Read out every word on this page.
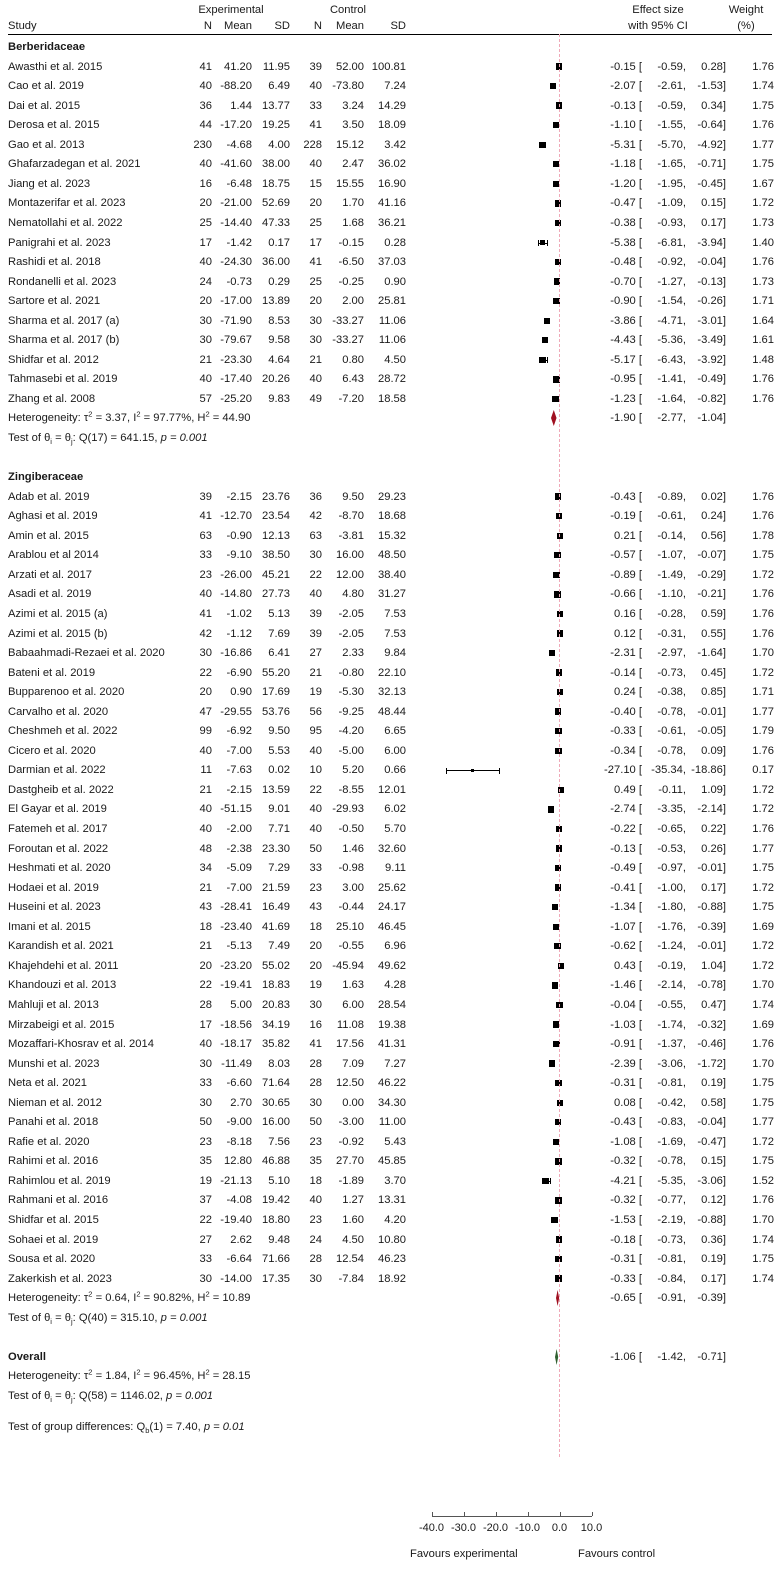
Experimental	Control	Effect size	Weight
Study	N	Mean	SD	N	Mean	SD	with 95% CI	(%)
Berberidaceae
Awasthi et al. 2015	41	41.20 11.95	39	52.00 100.81	-0.15 [	-0.59,	0.28]	1.76
Cao et al. 2019	40 -88.20	6.49	40 -73.80	7.24	-2.07 [	-2.61,	-1.53]	1.74
Dai et al. 2015	36	1.44 13.77	33	3.24	14.29	-0.13 [	-0.59,	0.34]	1.75
Derosa et al. 2015	44 -17.20 19.25	41	3.50	18.09	-1.10 [	-1.55,	-0.64]	1.76
Gao et al. 2013	230	-4.68	4.00	228	15.12	3.42	-5.31 [	-5.70,	-4.92]	1.77
Ghafarzadegan et al. 2021	40 -41.60 38.00	40	2.47	36.02	-1.18 [	-1.65,	-0.71]	1.75
Jiang et al. 2023	16	-6.48 18.75	15	15.55	16.90	-1.20 [	-1.95,	-0.45]	1.67
Montazerifar et al. 2023	20 -21.00 52.69	20	1.70	41.16	-0.47 [	-1.09,	0.15]	1.72
Nematollahi et al. 2022	25 -14.40 47.33	25	1.68	36.21	-0.38 [	-0.93,	0.17]	1.73
Panigrahi et al. 2023	17	-1.42	0.17	17	-0.15	0.28	-5.38 [	-6.81,	-3.94]	1.40
Rashidi et al. 2018	40 -24.30 36.00	41	-6.50	37.03	-0.48 [	-0.92,	-0.04]	1.76
Rondanelli et al. 2023	24	-0.73	0.29	25	-0.25	0.90	-0.70 [	-1.27,	-0.13]	1.73
Sartore et al. 2021	20 -17.00 13.89	20	2.00	25.81	-0.90 [	-1.54,	-0.26]	1.71
Sharma et al. 2017 (a)	30 -71.90	8.53	30 -33.27	11.06	-3.86 [	-4.71,	-3.01]	1.64
Sharma et al. 2017 (b)	30 -79.67	9.58	30 -33.27	11.06	-4.43 [	-5.36,	-3.49]	1.61
Shidfar et al. 2012	21 -23.30	4.64	21	0.80	4.50	-5.17 [	-6.43,	-3.92]	1.48
Tahmasebi et al. 2019	40 -17.40 20.26	40	6.43	28.72	-0.95 [	-1.41,	-0.49]	1.76
Zhang et al. 2008	57 -25.20	9.83	49	-7.20	18.58	-1.23 [	-1.64,	-0.82]	1.76
Heterogeneity: $\tau^2 = 3.37$, $I^2 = 97.77\%$, $H^2 = 44.90$	-1.90 [	-2.77,	-1.04]
Test of $\theta_i = \theta_j$: Q(17) = 641.15, p = 0.001
Zingiberaceae
Adab et al. 2019	39	-2.15 23.76	36	9.50	29.23	-0.43 [	-0.89,	0.02]	1.76
Aghasi et al. 2019	41 -12.70 23.54	42	-8.70	18.68	-0.19 [	-0.61,	0.24]	1.76
Amin et al. 2015	63	-0.90 12.13	63	-3.81	15.32	0.21 [	-0.14,	0.56]	1.78
Arablou et al 2014	33	-9.10 38.50	30	16.00	48.50	-0.57 [	-1.07,	-0.07]	1.75
Arzati et al. 2017	23 -26.00 45.21	22	12.00	38.40	-0.89 [	-1.49,	-0.29]	1.72
Asadi et al. 2019	40 -14.80 27.73	40	4.80	31.27	-0.66 [	-1.10,	-0.21]	1.76
Azimi et al. 2015 (a)	41	-1.02	5.13	39	-2.05	7.53	0.16 [	-0.28,	0.59]	1.76
Azimi et al. 2015 (b)	42	-1.12	7.69	39	-2.05	7.53	0.12 [	-0.31,	0.55]	1.76
Babaahmadi-Rezaei et al. 2020	30 -16.86	6.41	27	2.33	9.84	-2.31 [	-2.97,	-1.64]	1.70
Bateni et al. 2019	22	-6.90 55.20	21	-0.80	22.10	-0.14 [	-0.73,	0.45]	1.72
Bupparenoo et al. 2020	20	0.90 17.69	19	-5.30	32.13	0.24 [	-0.38,	0.85]	1.71
Carvalho et al. 2020	47 -29.55 53.76	56	-9.25	48.44	-0.40 [	-0.78,	-0.01]	1.77
Cheshmeh et al. 2022	99	-6.92	9.50	95	-4.20	6.65	-0.33 [	-0.61,	-0.05]	1.79
Cicero et al. 2020	40	-7.00	5.53	40	-5.00	6.00	-0.34 [	-0.78,	0.09]	1.76
Darmian et al. 2022	11	-7.63	0.02	10	5.20	0.66	-27.10 [ -35.34, -18.86]	0.17
Dastgheib et al. 2022	21	-2.15 13.59	22	-8.55	12.01	0.49 [	-0.11,	1.09]	1.72
El Gayar et al. 2019	40 -51.15	9.01	40 -29.93	6.02	-2.74 [	-3.35,	-2.14]	1.72
Fatemeh et al. 2017	40	-2.00	7.71	40	-0.50	5.70	-0.22 [	-0.65,	0.22]	1.76
Foroutan et al. 2022	48	-2.38 23.30	50	1.46	32.60	-0.13 [	-0.53,	0.26]	1.77
Heshmati et al. 2020	34	-5.09	7.29	33	-0.98	9.11	-0.49 [	-0.97,	-0.01]	1.75
Hodaei et al. 2019	21	-7.00 21.59	23	3.00	25.62	-0.41 [	-1.00,	0.17]	1.72
Huseini et al. 2023	43 -28.41 16.49	43	-0.44	24.17	-1.34 [	-1.80,	-0.88]	1.75
Imani et al. 2015	18 -23.40 41.69	18	25.10	46.45	-1.07 [	-1.76,	-0.39]	1.69
Karandish et al. 2021	21	-5.13	7.49	20	-0.55	6.96	-0.62 [	-1.24,	-0.01]	1.72
Khajehdehi et al. 2011	20 -23.20 55.02	20 -45.94	49.62	0.43 [	-0.19,	1.04]	1.72
Khandouzi et al. 2013	22 -19.41 18.83	19	1.63	4.28	-1.46 [	-2.14,	-0.78]	1.70
Mahluji et al. 2013	28	5.00 20.83	30	6.00	28.54	-0.04 [	-0.55,	0.47]	1.74
Mirzabeigi et al. 2015	17 -18.56 34.19	16	11.08	19.38	-1.03 [	-1.74,	-0.32]	1.69
Mozaffari-Khosrav et al. 2014	40 -18.17 35.82	41	17.56	41.31	-0.91 [	-1.37,	-0.46]	1.76
Munshi et al. 2023	30 -11.49	8.03	28	7.09	7.27	-2.39 [	-3.06,	-1.72]	1.70
Neta et al. 2021	33	-6.60 71.64	28	12.50	46.22	-0.31 [	-0.81,	0.19]	1.75
Nieman et al. 2012	30	2.70 30.65	30	0.00	34.30	0.08 [	-0.42,	0.58]	1.75
Panahi et al. 2018	50	-9.00 16.00	50	-3.00	11.00	-0.43 [	-0.83,	-0.04]	1.77
Rafie et al. 2020	23	-8.18	7.56	23	-0.92	5.43	-1.08 [	-1.69,	-0.47]	1.72
Rahimi et al. 2016	35	12.80 46.88	35	27.70	45.85	-0.32 [	-0.78,	0.15]	1.75
Rahimlou et al. 2019	19 -21.13	5.10	18	-1.89	3.70	-4.21 [	-5.35,	-3.06]	1.52
Rahmani et al. 2016	37	-4.08 19.42	40	1.27	13.31	-0.32 [	-0.77,	0.12]	1.76
Shidfar et al. 2015	22 -19.40 18.80	23	1.60	4.20	-1.53 [	-2.19,	-0.88]	1.70
Sohaei et al. 2019	27	2.62	9.48	24	4.50	10.80	-0.18 [	-0.73,	0.36]	1.74
Sousa et al. 2020	33	-6.64 71.66	28	12.54	46.23	-0.31 [	-0.81,	0.19]	1.75
Zakerkish et al. 2023	30 -14.00 17.35	30	-7.84	18.92	-0.33 [	-0.84,	0.17]	1.74
Heterogeneity: $\tau^2 = 0.64$, $I^2 = 90.82\%$, $H^2 = 10.89$	-0.65 [	-0.91,	-0.39]
Test of $\theta_i = \theta_j$: Q(40) = 315.10, p = 0.001
Overall	-1.06 [	-1.42,	-0.71]
Heterogeneity: $\tau^2 = 1.84$, $I^2 = 96.45\%$, $H^2 = 28.15$
Test of $\theta_i = \theta_j$: Q(58) = 1146.02, p = 0.001
Test of group differences: $Q_b(1) = 7.40$, p = 0.01
-40.0 -30.0 -20.0 -10.0	0.0	10.0
Favours experimental	Favours control
